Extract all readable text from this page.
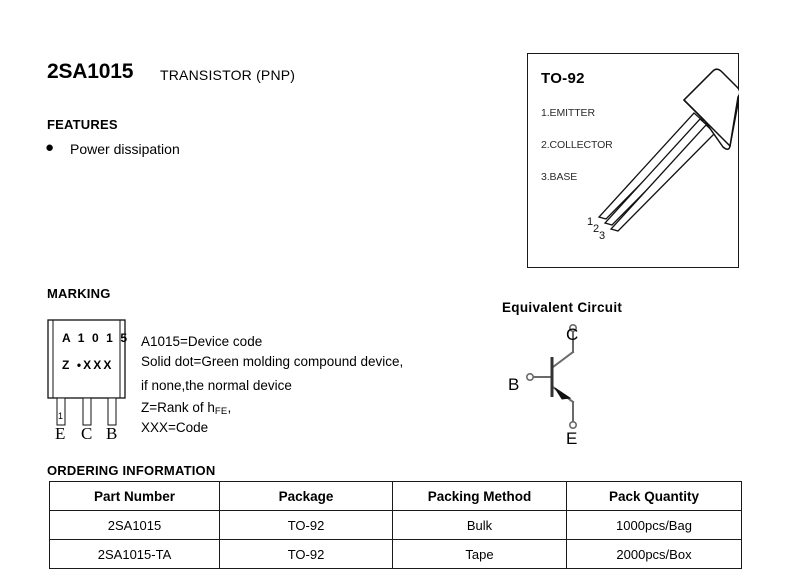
2SA1015 TRANSISTOR (PNP)
FEATURES
● Power dissipation
TO-92
1.EMITTER
2.COLLECTOR
3.BASE
1
2
3
MARKING
A 1 0 1 5
Z •XXX
1
E C B
A1015=Device code
Solid dot=Green molding compound device,
if none,the normal device
Z=Rank of hFE,
XXX=Code
Equivalent Circuit
C
B
E
ORDERING INFORMATION
Part Number	Package	Packing Method	Pack Quantity
2SA1015	TO-92	Bulk	1000pcs/Bag
2SA1015-TA	TO-92	Tape	2000pcs/Box
